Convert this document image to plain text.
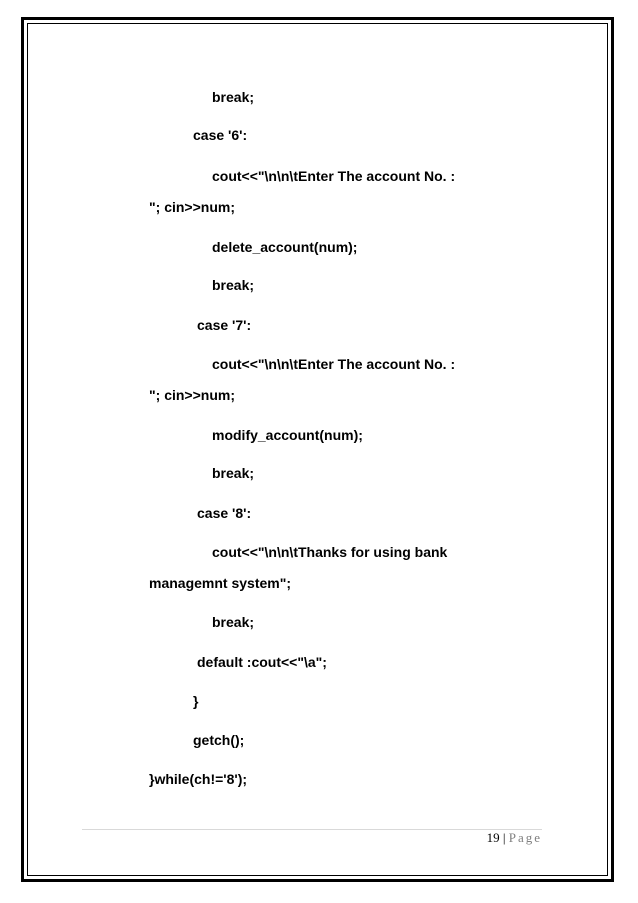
break;
case '6':
cout<<"\n\n\tEnter The account No. :
"; cin>>num;
delete_account(num);
break;
case '7':
cout<<"\n\n\tEnter The account No. :
"; cin>>num;
modify_account(num);
break;
case '8':
cout<<"\n\n\tThanks for using bank
managemnt system";
break;
default :cout<<"\a";
}
getch();
}while(ch!='8');
19 | Page
